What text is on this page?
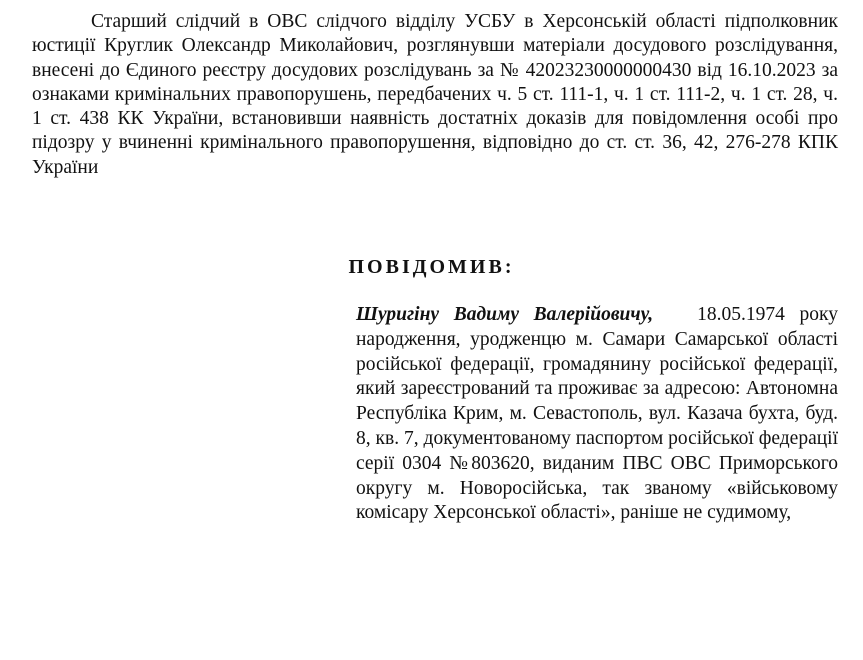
Старший слідчий в ОВС слідчого відділу УСБУ в Херсонській області підполковник юстиції Круглик Олександр Миколайович, розглянувши матеріали досудового розслідування, внесені до Єдиного реєстру досудових розслідувань за № 42023230000000430 від 16.10.2023 за ознаками кримінальних правопорушень, передбачених ч. 5 ст. 111-1, ч. 1 ст. 111-2, ч. 1 ст. 28, ч. 1 ст. 438 КК України, встановивши наявність достатніх доказів для повідомлення особі про підозру у вчиненні кримінального правопорушення, відповідно до ст. ст. 36, 42, 276-278 КПК України

ПОВІДОМИВ:

Шуригіну Вадиму Валерійовичу, 18.05.1974 року народження, уродженцю м. Самари Самарської області російської федерації, громадянину російської федерації, який зареєстрований та проживає за адресою: Автономна Республіка Крим, м. Севастополь, вул. Казача бухта, буд. 8, кв. 7, документованому паспортом російської федерації серії 0304 №803620, виданим ПВС ОВС Приморського округу м. Новоросійська, так званому «військовому комісару Херсонської області», раніше не судимому,
